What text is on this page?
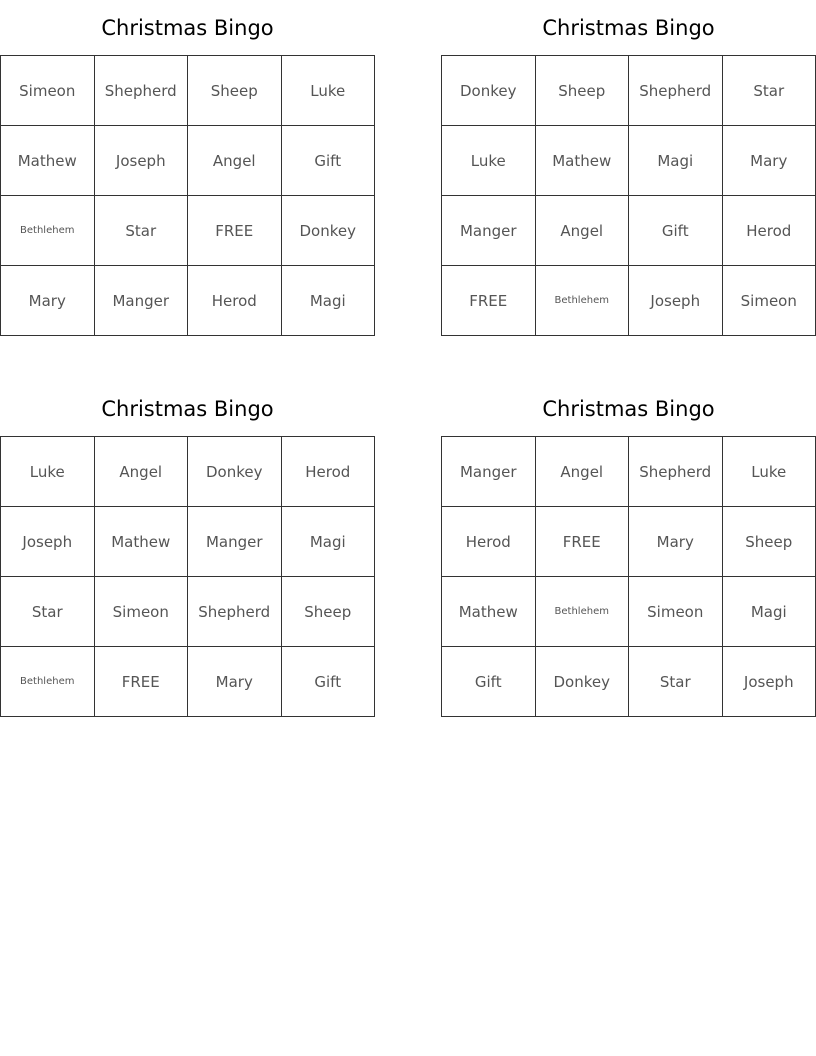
Christmas Bingo
Simeon	Shepherd	Sheep	Luke
Mathew	Joseph	Angel	Gift
Bethlehem	Star	FREE	Donkey
Mary	Manger	Herod	Magi
Christmas Bingo
Donkey	Sheep	Shepherd	Star
Luke	Mathew	Magi	Mary
Manger	Angel	Gift	Herod
FREE	Bethlehem	Joseph	Simeon
Christmas Bingo
Luke	Angel	Donkey	Herod
Joseph	Mathew	Manger	Magi
Star	Simeon	Shepherd	Sheep
Bethlehem	FREE	Mary	Gift
Christmas Bingo
Manger	Angel	Shepherd	Luke
Herod	FREE	Mary	Sheep
Mathew	Bethlehem	Simeon	Magi
Gift	Donkey	Star	Joseph
